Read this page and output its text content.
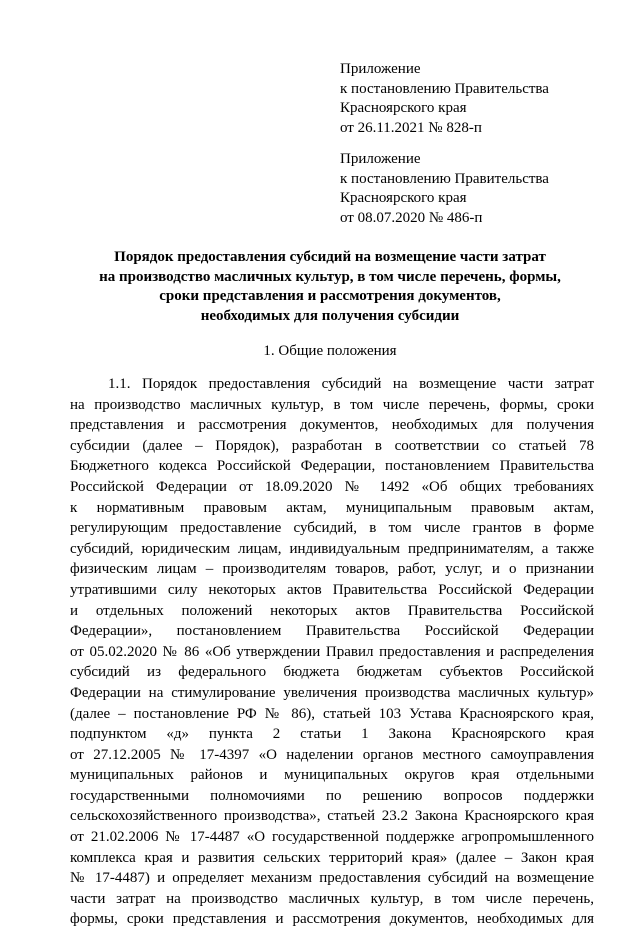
Приложение
к постановлению Правительства
Красноярского края
от 26.11.2021 № 828-п
Приложение
к постановлению Правительства
Красноярского края
от 08.07.2020 № 486-п
Порядок предоставления субсидий на возмещение части затрат
на производство масличных культур, в том числе перечень, формы,
сроки представления и рассмотрения документов,
необходимых для получения субсидии
1. Общие положения
1.1. Порядок предоставления субсидий на возмещение части затрат
на производство масличных культур, в том числе перечень, формы, сроки
представления и рассмотрения документов, необходимых для получения
субсидии (далее – Порядок), разработан в соответствии со статьей 78
Бюджетного кодекса Российской Федерации, постановлением Правительства
Российской Федерации от 18.09.2020 № 1492 «Об общих требованиях
к нормативным правовым актам, муниципальным правовым актам,
регулирующим предоставление субсидий, в том числе грантов в форме
субсидий, юридическим лицам, индивидуальным предпринимателям, а также
физическим лицам – производителям товаров, работ, услуг, и о признании
утратившими силу некоторых актов Правительства Российской Федерации
и отдельных положений некоторых актов Правительства Российской
Федерации», постановлением Правительства Российской Федерации
от 05.02.2020 № 86 «Об утверждении Правил предоставления и распределения
субсидий из федерального бюджета бюджетам субъектов Российской
Федерации на стимулирование увеличения производства масличных культур»
(далее – постановление РФ № 86), статьей 103 Устава Красноярского края,
подпунктом «д» пункта 2 статьи 1 Закона Красноярского края
от 27.12.2005 № 17-4397 «О наделении органов местного самоуправления
муниципальных районов и муниципальных округов края отдельными
государственными полномочиями по решению вопросов поддержки
сельскохозяйственного производства», статьей 23.2 Закона Красноярского края
от 21.02.2006 № 17-4487 «О государственной поддержке агропромышленного
комплекса края и развития сельских территорий края» (далее – Закон края
№ 17-4487) и определяет механизм предоставления субсидий на возмещение
части затрат на производство масличных культур, в том числе перечень,
формы, сроки представления и рассмотрения документов, необходимых для
